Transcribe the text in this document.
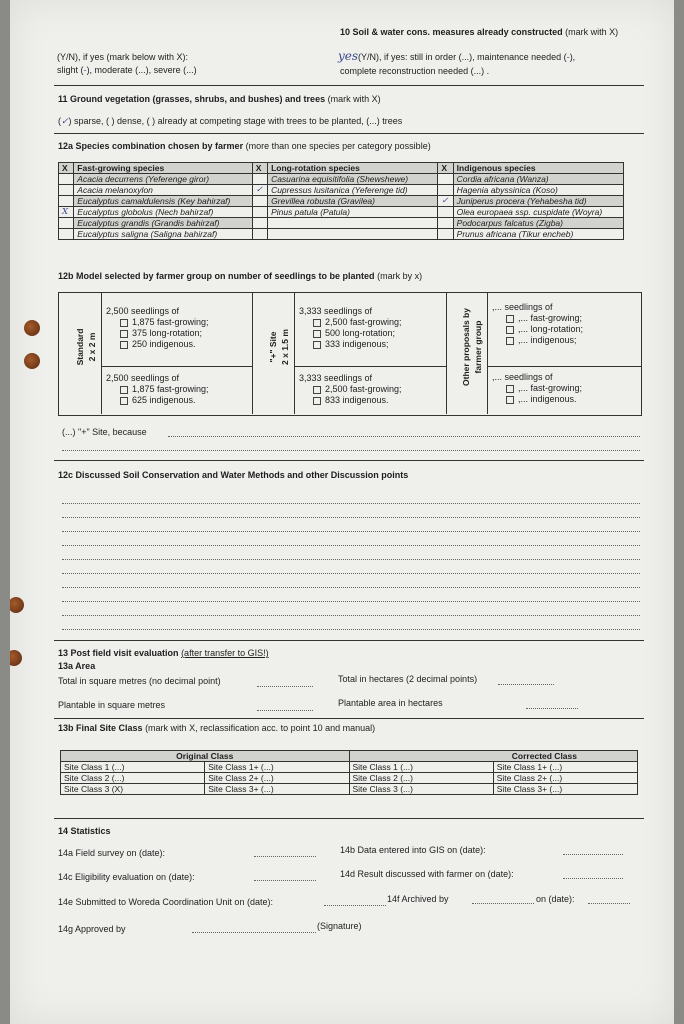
10 Soil & water cons. measures already constructed (mark with X)
(Y/N), if yes (mark below with X):
slight (-), moderate (...), severe (...)
yes(Y/N), if yes: still in order (...), maintenance needed (-),
complete reconstruction needed (...) .
11 Ground vegetation (grasses, shrubs, and bushes) and trees (mark with X)
(✓) sparse, ( ) dense, ( ) already at competing stage with trees to be planted, (...) trees
12a Species combination chosen by farmer (more than one species per category possible)
X	Fast-growing species	X	Long-rotation species	X	Indigenous species
	Acacia decurrens (Yeferenge giror)		Casuarina equisitifolia (Shewshewe)		Cordia africana (Wanza)
	Acacia melanoxylon	✓	Cupressus lusitanica (Yeferenge tid)		Hagenia abyssinica (Koso)
	Eucalyptus camaldulensis (Key bahirzaf)		Grevillea robusta (Gravilea)	✓	Juniperus procera (Yehabesha tid)
X	Eucalyptus globolus (Nech bahirzaf)		Pinus patula (Patula)		Olea europaea ssp. cuspidate (Woyra)
	Eucalyptus grandis (Grandis bahirzaf)				Podocarpus falcatus (Zigba)
	Eucalyptus saligna (Saligna bahirzaf)				Prunus africana (Tikur encheb)
12b Model selected by farmer group on number of seedlings to be planted (mark by x)
Standard 2 x 2 m	"+" Site 2 x 1.5 m	Other proposals by farmer group
2,500 seedlings of
1,875 fast-growing;
375 long-rotation;
250 indigenous.
2,500 seedlings of
1,875 fast-growing;
625 indigenous.
3,333 seedlings of
2,500 fast-growing;
500 long-rotation;
333 indigenous;
3,333 seedlings of
2,500 fast-growing;
833 indigenous.
,... seedlings of
,... fast-growing;
,... long-rotation;
,... indigenous;
,... seedlings of
,... fast-growing;
,... indigenous.
(...) "+" Site, because
12c Discussed Soil Conservation and Water Methods and other Discussion points
13 Post field visit evaluation (after transfer to GIS!)
13a Area
Total in square metres (no decimal point)	Total in hectares (2 decimal points)
Plantable in square metres	Plantable area in hectares
13b Final Site Class (mark with X, reclassification acc. to point 10 and manual)
Original Class		Corrected Class	
Site Class 1 (...)	Site Class 1+ (...)	Site Class 1 (...)	Site Class 1+ (...)
Site Class 2 (...)	Site Class 2+ (...)	Site Class 2 (...)	Site Class 2+ (...)
Site Class 3 (X)	Site Class 3+ (...)	Site Class 3 (...)	Site Class 3+ (...)
14 Statistics
14a Field survey on (date):	14b Data entered into GIS on (date):
14c Eligibility evaluation on (date):	14d Result discussed with farmer on (date):
14e Submitted to Woreda Coordination Unit on (date):	14f Archived by	on (date):
14g Approved by	(Signature)
